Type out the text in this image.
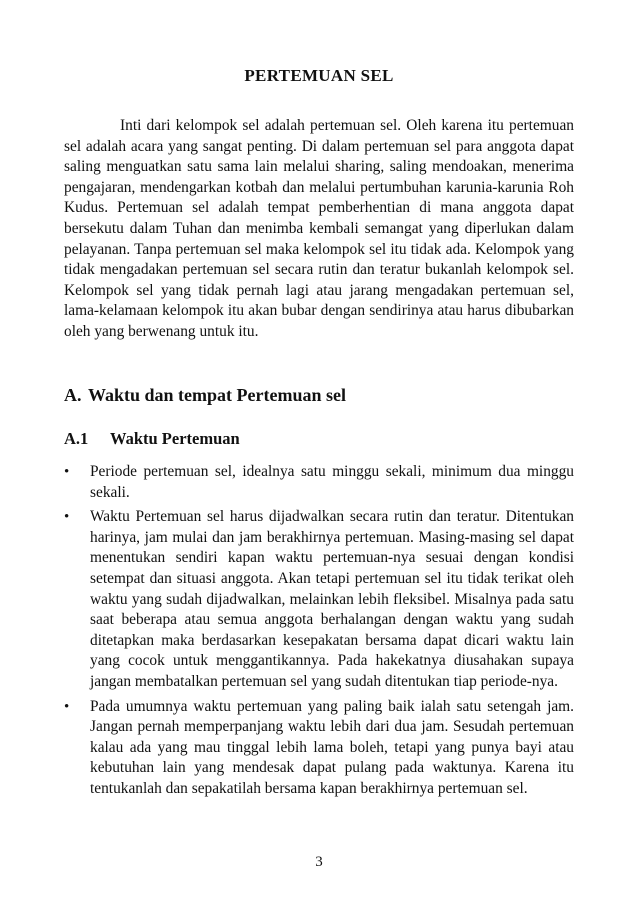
PERTEMUAN SEL

Inti dari kelompok sel adalah pertemuan sel. Oleh karena itu pertemuan sel adalah acara yang sangat penting. Di dalam pertemuan sel para anggota dapat saling menguatkan satu sama lain melalui sharing, saling mendoakan, menerima pengajaran, mendengarkan kotbah dan melalui pertumbuhan karunia-karunia Roh Kudus. Pertemuan sel adalah tempat pemberhentian di mana anggota dapat bersekutu dalam Tuhan dan menimba kembali semangat yang diperlukan dalam pelayanan. Tanpa pertemuan sel maka kelompok sel itu tidak ada. Kelompok yang tidak mengadakan pertemuan sel secara rutin dan teratur bukanlah kelompok sel. Kelompok sel yang tidak pernah lagi atau jarang mengadakan pertemuan sel, lama-kelamaan kelompok itu akan bubar dengan sendirinya atau harus dibubarkan oleh yang berwenang untuk itu.

A. Waktu dan tempat Pertemuan sel
A.1 Waktu Pertemuan
•	Periode pertemuan sel, idealnya satu minggu sekali, minimum dua minggu sekali.
•	Waktu Pertemuan sel harus dijadwalkan secara rutin dan teratur. Ditentukan harinya, jam mulai dan jam berakhirnya pertemuan. Masing-masing sel dapat menentukan sendiri kapan waktu pertemuan-nya sesuai dengan kondisi setempat dan situasi anggota. Akan tetapi pertemuan sel itu tidak terikat oleh waktu yang sudah dijadwalkan, melainkan lebih fleksibel. Misalnya pada satu saat beberapa atau semua anggota berhalangan dengan waktu yang sudah ditetapkan maka berdasarkan kesepakatan bersama dapat dicari waktu lain yang cocok untuk menggantikannya. Pada hakekatnya diusahakan supaya jangan membatalkan pertemuan sel yang sudah ditentukan tiap periode-nya.
•	Pada umumnya waktu pertemuan yang paling baik ialah satu setengah jam. Jangan pernah memperpanjang waktu lebih dari dua jam. Sesudah pertemuan kalau ada yang mau tinggal lebih lama boleh, tetapi yang punya bayi atau kebutuhan lain yang mendesak dapat pulang pada waktunya. Karena itu tentukanlah dan sepakatilah bersama kapan berakhirnya pertemuan sel.
3
